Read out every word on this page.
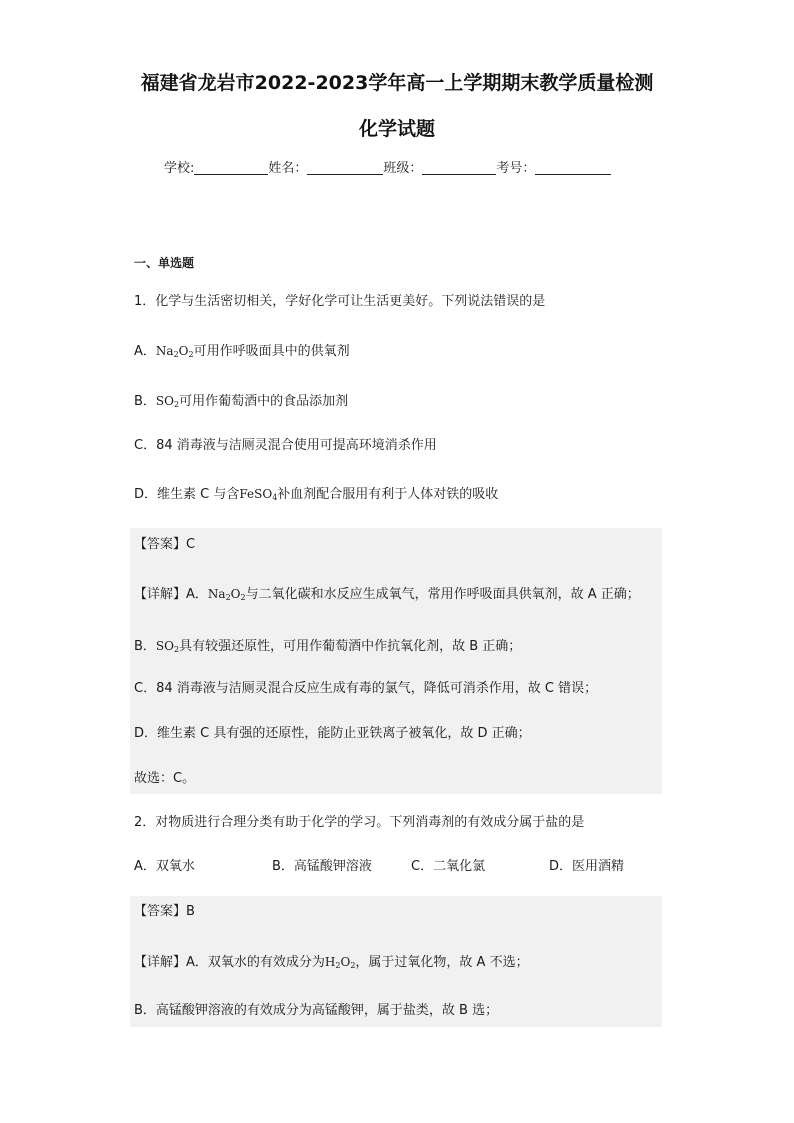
福建省龙岩市2022-2023学年高一上学期期末教学质量检测
化学试题
学校:	姓名：	班级：	考号：
一、单选题
1．化学与生活密切相关，学好化学可让生活更美好。下列说法错误的是
A．$Na_2O_2$可用作呼吸面具中的供氧剂
B．$SO_2$可用作葡萄酒中的食品添加剂
C．84 消毒液与洁厕灵混合使用可提高环境消杀作用
D．维生素 C 与含FeSO$_4$补血剂配合服用有利于人体对铁的吸收
【答案】C
【详解】A．$Na_2O_2$与二氧化碳和水反应生成氧气，常用作呼吸面具供氧剂，故 A 正确；
B．$SO_2$具有较强还原性，可用作葡萄酒中作抗氧化剂，故 B 正确；
C．84 消毒液与洁厕灵混合反应生成有毒的氯气，降低可消杀作用，故 C 错误；
D．维生素 C 具有强的还原性，能防止亚铁离子被氧化，故 D 正确；
故选：C。
2．对物质进行合理分类有助于化学的学习。下列消毒剂的有效成分属于盐的是
A．双氧水	B．高锰酸钾溶液	C．二氧化氯	D．医用酒精
【答案】B
【详解】A．双氧水的有效成分为$H_2O_2$，属于过氧化物，故 A 不选；
B．高锰酸钾溶液的有效成分为高锰酸钾，属于盐类，故 B 选；
